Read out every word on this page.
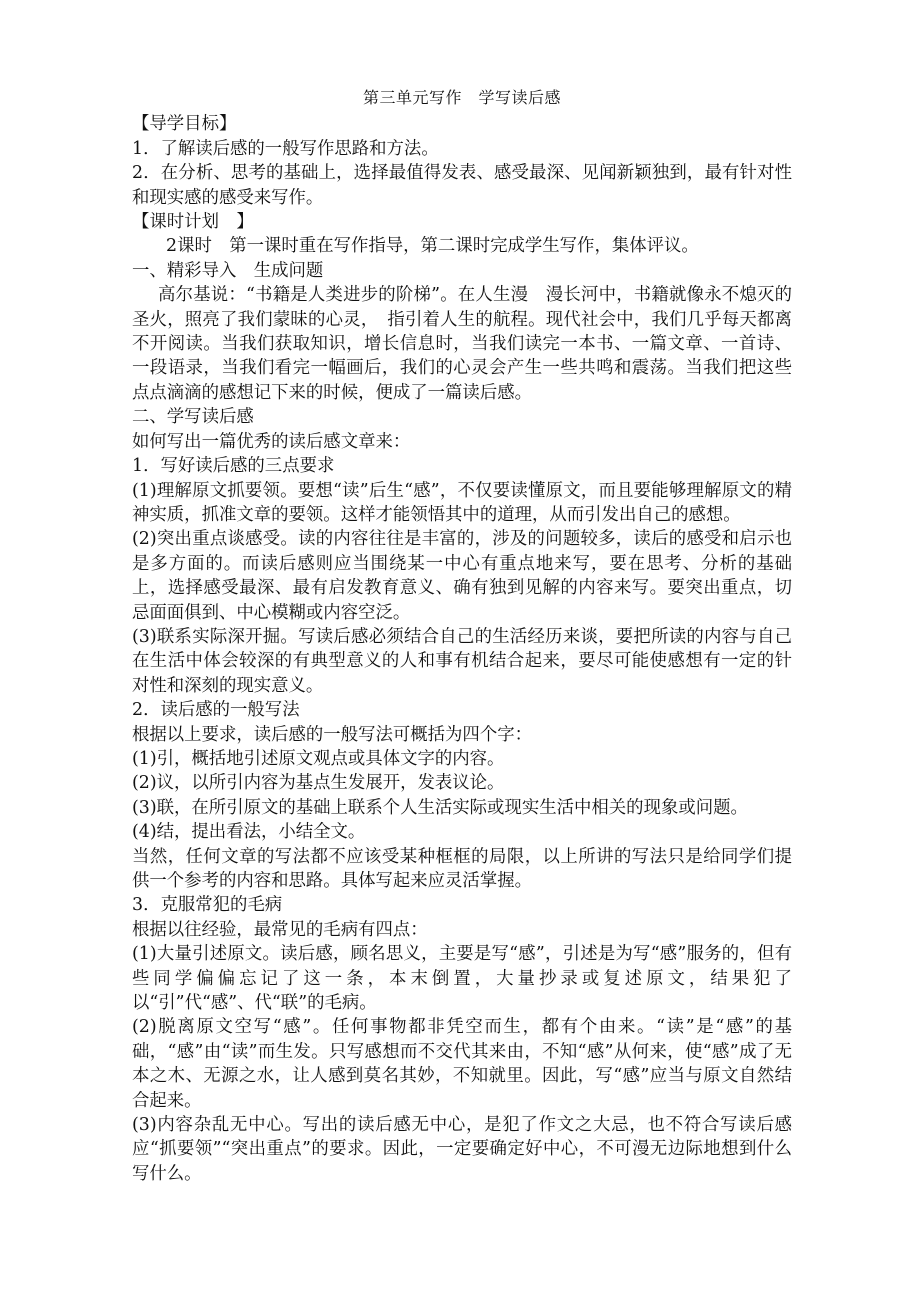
第三单元写作　学写读后感

【导学目标】

1．了解读后感的一般写作思路和方法。

2．在分析、思考的基础上，选择最值得发表、感受最深、见闻新颖独到，最有针对性和现实感的感受来写作。

【课时计划　】

2课时　第一课时重在写作指导，第二课时完成学生写作，集体评议。

一、精彩导入　生成问题

高尔基说：“书籍是人类进步的阶梯”。在人生漫　漫长河中，书籍就像永不熄灭的圣火，照亮了我们蒙昧的心灵，　指引着人生的航程。现代社会中，我们几乎每天都离不开阅读。当我们获取知识，增长信息时，当我们读完一本书、一篇文章、一首诗、一段语录，当我们看完一幅画后，我们的心灵会产生一些共鸣和震荡。当我们把这些点点滴滴的感想记下来的时候，便成了一篇读后感。

二、学写读后感

如何写出一篇优秀的读后感文章来：

1．写好读后感的三点要求

(1)理解原文抓要领。要想“读”后生“感”，不仅要读懂原文，而且要能够理解原文的精神实质，抓准文章的要领。这样才能领悟其中的道理，从而引发出自己的感想。

(2)突出重点谈感受。读的内容往往是丰富的，涉及的问题较多，读后的感受和启示也是多方面的。而读后感则应当围绕某一中心有重点地来写，要在思考、分析的基础上，选择感受最深、最有启发教育意义、确有独到见解的内容来写。要突出重点，切忌面面俱到、中心模糊或内容空泛。

(3)联系实际深开掘。写读后感必须结合自己的生活经历来谈，要把所读的内容与自己在生活中体会较深的有典型意义的人和事有机结合起来，要尽可能使感想有一定的针对性和深刻的现实意义。

2．读后感的一般写法

根据以上要求，读后感的一般写法可概括为四个字：

(1)引，概括地引述原文观点或具体文字的内容。

(2)议，以所引内容为基点生发展开，发表议论。

(3)联，在所引原文的基础上联系个人生活实际或现实生活中相关的现象或问题。

(4)结，提出看法，小结全文。

当然，任何文章的写法都不应该受某种框框的局限，以上所讲的写法只是给同学们提供一个参考的内容和思路。具体写起来应灵活掌握。

3．克服常犯的毛病

根据以往经验，最常见的毛病有四点：

(1)大量引述原文。读后感，顾名思义，主要是写“感”，引述是为写“感”服务的，但有些同学偏偏忘记了这一条，本末倒置，大量抄录或复述原文，结果犯了以“引”代“感”、代“联”的毛病。

(2)脱离原文空写“感”。任何事物都非凭空而生，都有个由来。“读”是“感”的基础，“感”由“读”而生发。只写感想而不交代其来由，不知“感”从何来，使“感”成了无本之木、无源之水，让人感到莫名其妙，不知就里。因此，写“感”应当与原文自然结合起来。

(3)内容杂乱无中心。写出的读后感无中心，是犯了作文之大忌，也不符合写读后感应“抓要领”“突出重点”的要求。因此，一定要确定好中心，不可漫无边际地想到什么写什么。
